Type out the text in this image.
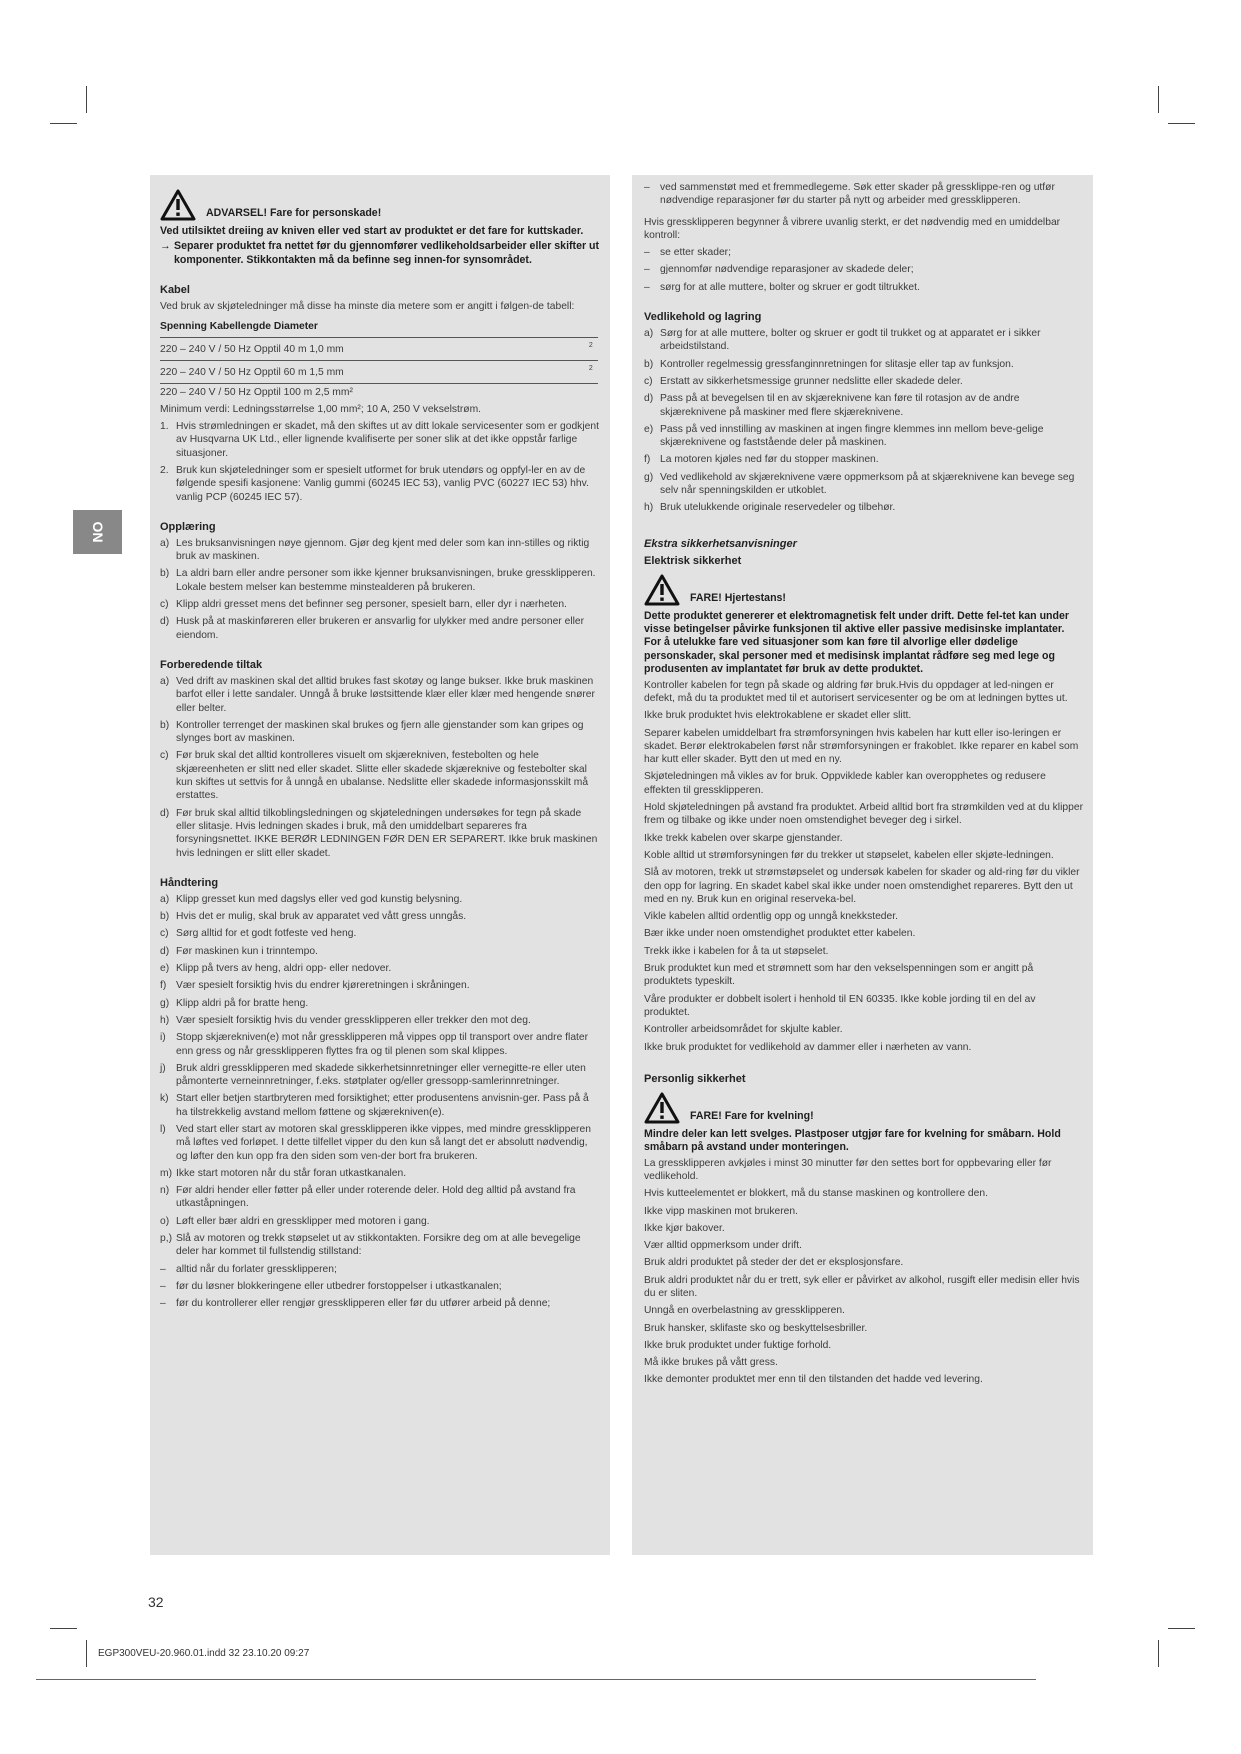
NO
ADVARSEL! Fare for personskade!
Ved utilsiktet dreiing av kniven eller ved start av produktet er det fare for kuttskader.
→ Separer produktet fra nettet før du gjennomfører vedlikeholdsarbeider eller skifter ut komponenter. Stikkontakten må da befinne seg innen-for synsområdet.
Kabel
Ved bruk av skjøteledninger må disse ha minste dia metere som er angitt i følgen-de tabell:
Spenning Kabellengde Diameter	
220 – 240 V / 50 Hz Opptil 40 m 1,0 mm	2
220 – 240 V / 50 Hz Opptil 60 m 1,5 mm	2
220 – 240 V / 50 Hz Opptil 100 m 2,5 mm²
Minimum verdi: Ledningsstørrelse 1,00 mm²; 10 A, 250 V vekselstrøm.
1. Hvis strømledningen er skadet, må den skiftes ut av ditt lokale servicesenter som er godkjent av Husqvarna UK Ltd., eller lignende kvalifiserte per soner slik at det ikke oppstår farlige situasjoner.
2. Bruk kun skjøteledninger som er spesielt utformet for bruk utendørs og oppfyl-ler en av de følgende spesifi kasjonene: Vanlig gummi (60245 IEC 53), vanlig PVC (60227 IEC 53) hhv. vanlig PCP (60245 IEC 57).
Opplæring
a) Les bruksanvisningen nøye gjennom. Gjør deg kjent med deler som kan inn-stilles og riktig bruk av maskinen.
b) La aldri barn eller andre personer som ikke kjenner bruksanvisningen, bruke gressklipperen. Lokale bestem melser kan bestemme minstealderen på brukeren.
c) Klipp aldri gresset mens det befinner seg personer, spesielt barn, eller dyr i nærheten.
d) Husk på at maskinføreren eller brukeren er ansvarlig for ulykker med andre personer eller eiendom.
Forberedende tiltak
a) Ved drift av maskinen skal det alltid brukes fast skotøy og lange bukser. Ikke bruk maskinen barfot eller i lette sandaler. Unngå å bruke løstsittende klær eller klær med hengende snører eller belter.
b) Kontroller terrenget der maskinen skal brukes og fjern alle gjenstander som kan gripes og slynges bort av maskinen.
c) Før bruk skal det alltid kontrolleres visuelt om skjærekniven, festebolten og hele skjæreenheten er slitt ned eller skadet. Slitte eller skadede skjæreknive og festebolter skal kun skiftes ut settvis for å unngå en ubalanse. Nedslitte eller skadede informasjonsskilt må erstattes.
d) Før bruk skal alltid tilkoblingsledningen og skjøteledningen undersøkes for tegn på skade eller slitasje. Hvis ledningen skades i bruk, må den umiddelbart separeres fra forsyningsnettet. IKKE BERØR LEDNINGEN FØR DEN ER SEPARERT. Ikke bruk maskinen hvis ledningen er slitt eller skadet.
Håndtering
a) Klipp gresset kun med dagslys eller ved god kunstig belysning.
b) Hvis det er mulig, skal bruk av apparatet ved vått gress unngås.
c) Sørg alltid for et godt fotfeste ved heng.
d) Før maskinen kun i trinntempo.
e) Klipp på tvers av heng, aldri opp- eller nedover.
f) Vær spesielt forsiktig hvis du endrer kjøreretningen i skråningen.
g) Klipp aldri på for bratte heng.
h) Vær spesielt forsiktig hvis du vender gressklipperen eller trekker den mot deg.
i) Stopp skjærekniven(e) mot når gressklipperen må vippes opp til transport over andre flater enn gress og når gressklipperen flyttes fra og til plenen som skal klippes.
j) Bruk aldri gressklipperen med skadede sikkerhetsinnretninger eller vernegitte-re eller uten påmonterte verneinnretninger, f.eks. støtplater og/eller gressopp-samlerinnretninger.
k) Start eller betjen startbryteren med forsiktighet; etter produsentens anvisnin-ger. Pass på å ha tilstrekkelig avstand mellom føttene og skjærekniven(e).
l) Ved start eller start av motoren skal gressklipperen ikke vippes, med mindre gressklipperen må løftes ved forløpet. I dette tilfellet vipper du den kun så langt det er absolutt nødvendig, og løfter den kun opp fra den siden som ven-der bort fra brukeren.
m) Ikke start motoren når du står foran utkastkanalen.
n) Før aldri hender eller føtter på eller under roterende deler. Hold deg alltid på avstand fra utkaståpningen.
o) Løft eller bær aldri en gressklipper med motoren i gang.
p,) Slå av motoren og trekk støpselet ut av stikkontakten. Forsikre deg om at alle bevegelige deler har kommet til fullstendig stillstand:
– alltid når du forlater gressklipperen;
– før du løsner blokkeringene eller utbedrer forstoppelser i utkastkanalen;
– før du kontrollerer eller rengjør gressklipperen eller før du utfører arbeid på denne;
– ved sammenstøt med et fremmedlegeme. Søk etter skader på gressklippe-ren og utfør nødvendige reparasjoner før du starter på nytt og arbeider med gressklipperen.
Hvis gressklipperen begynner å vibrere uvanlig sterkt, er det nødvendig med en umiddelbar kontroll:
– se etter skader;
– gjennomfør nødvendige reparasjoner av skadede deler;
– sørg for at alle muttere, bolter og skruer er godt tiltrukket.
Vedlikehold og lagring
a) Sørg for at alle muttere, bolter og skruer er godt til trukket og at apparatet er i sikker arbeidstilstand.
b) Kontroller regelmessig gressfanginnretningen for slitasje eller tap av funksjon.
c) Erstatt av sikkerhetsmessige grunner nedslitte eller skadede deler.
d) Pass på at bevegelsen til en av skjæreknivene kan føre til rotasjon av de andre skjæreknivene på maskiner med flere skjæreknivene.
e) Pass på ved innstilling av maskinen at ingen fingre klemmes inn mellom beve-gelige skjæreknivene og faststående deler på maskinen.
f) La motoren kjøles ned før du stopper maskinen.
g) Ved vedlikehold av skjæreknivene være oppmerksom på at skjæreknivene kan bevege seg selv når spenningskilden er utkoblet.
h) Bruk utelukkende originale reservedeler og tilbehør.
Ekstra sikkerhetsanvisninger
Elektrisk sikkerhet
FARE! Hjertestans!
Dette produktet genererer et elektromagnetisk felt under drift. Dette fel-tet kan under visse betingelser påvirke funksjonen til aktive eller passive medisinske implantater. For å utelukke fare ved situasjoner som kan føre til alvorlige eller dødelige personskader, skal personer med et medisinsk implantat rådføre seg med lege og produsenten av implantatet før bruk av dette produktet.
Kontroller kabelen for tegn på skade og aldring før bruk.Hvis du oppdager at led-ningen er defekt, må du ta produktet med til et autorisert servicesenter og be om at ledningen byttes ut.
Ikke bruk produktet hvis elektrokablene er skadet eller slitt.
Separer kabelen umiddelbart fra strømforsyningen hvis kabelen har kutt eller iso-leringen er skadet. Berør elektrokabelen først når strømforsyningen er frakoblet. Ikke reparer en kabel som har kutt eller skader. Bytt den ut med en ny.
Skjøteledningen må vikles av for bruk. Oppviklede kabler kan overopphetes og redusere effekten til gressklipperen.
Hold skjøteledningen på avstand fra produktet. Arbeid alltid bort fra strømkilden ved at du klipper frem og tilbake og ikke under noen omstendighet beveger deg i sirkel.
Ikke trekk kabelen over skarpe gjenstander.
Koble alltid ut strømforsyningen før du trekker ut støpselet, kabelen eller skjøte-ledningen.
Slå av motoren, trekk ut strømstøpselet og undersøk kabelen for skader og ald-ring før du vikler den opp for lagring. En skadet kabel skal ikke under noen omstendighet repareres. Bytt den ut med en ny. Bruk kun en original reserveka-bel.
Vikle kabelen alltid ordentlig opp og unngå knekksteder.
Bær ikke under noen omstendighet produktet etter kabelen.
Trekk ikke i kabelen for å ta ut støpselet.
Bruk produktet kun med et strømnett som har den vekselspenningen som er angitt på produktets typeskilt.
Våre produkter er dobbelt isolert i henhold til EN 60335. Ikke koble jording til en del av produktet.
Kontroller arbeidsområdet for skjulte kabler.
Ikke bruk produktet for vedlikehold av dammer eller i nærheten av vann.
Personlig sikkerhet
FARE! Fare for kvelning!
Mindre deler kan lett svelges. Plastposer utgjør fare for kvelning for småbarn. Hold småbarn på avstand under monteringen.
La gressklipperen avkjøles i minst 30 minutter før den settes bort for oppbevaring eller før vedlikehold.
Hvis kutteelementet er blokkert, må du stanse maskinen og kontrollere den.
Ikke vipp maskinen mot brukeren.
Ikke kjør bakover.
Vær alltid oppmerksom under drift.
Bruk aldri produktet på steder der det er eksplosjonsfare.
Bruk aldri produktet når du er trett, syk eller er påvirket av alkohol, rusgift eller medisin eller hvis du er sliten.
Unngå en overbelastning av gressklipperen.
Bruk hansker, sklifaste sko og beskyttelsesbriller.
Ikke bruk produktet under fuktige forhold.
Må ikke brukes på vått gress.
Ikke demonter produktet mer enn til den tilstanden det hadde ved levering.
32
EGP300VEU-20.960.01.indd 32 23.10.20 09:27
